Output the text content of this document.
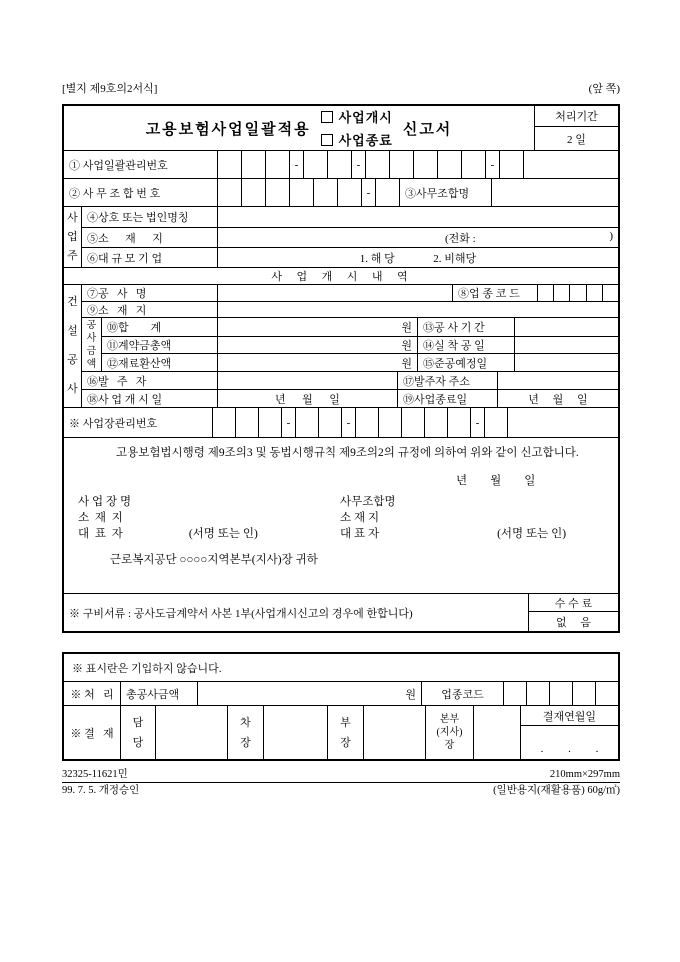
[별지 제9호의2서식]	(앞 쪽)
고용보험사업일괄적용
사업개시
사업종료
신고서
처리기간
2 일
① 사업일괄관리번호	-	-	-
② 사 무 조 합 번 호	-	③사무조합명
사업주
④상호 또는 법인명칭
⑤소      재      지	(전화 :	)
⑥대 규 모 기 업	1. 해 당              2. 비해당
사  업  개  시  내  역
건설공사
⑦공   사   명	⑧업 종 코 드
⑨소   재   지
공사금액
⑩합        계	원	⑬공 사 기 간
⑪계약금총액	원	⑭실 착 공 일
⑫재료환산액	원	⑮준공예정일
⑯발   주   자	⑰발주자 주소
⑱사 업 개 시 일	년      월      일	⑲사업종료일	년     월     일
※ 사업장관리번호	-	-	-
고용보험법시행령 제9조의3 및 동법시행규칙 제9조의2의 규정에 의하여 위와 같이 신고합니다.
년        월        일
사 업 장 명
소  재  지
대  표  자	(서명 또는 인)
사무조합명
소 재 지
대 표 자	(서명 또는 인)
근로복지공단 ○○○○지역본부(지사)장 귀하
※ 구비서류 : 공사도급계약서 사본 1부(사업개시신고의 경우에 한합니다)
수 수 료
없     음
※ 표시란은 기입하지 않습니다.
※ 처   리	총공사금액	원	업종코드
※ 결   재
담당
차장
부장
본부(지사)장
결재연월일
.         .         .
32325-11621민	210mm×297mm
99. 7. 5. 개정승인	(일반용지(재활용품) 60g/㎡)
